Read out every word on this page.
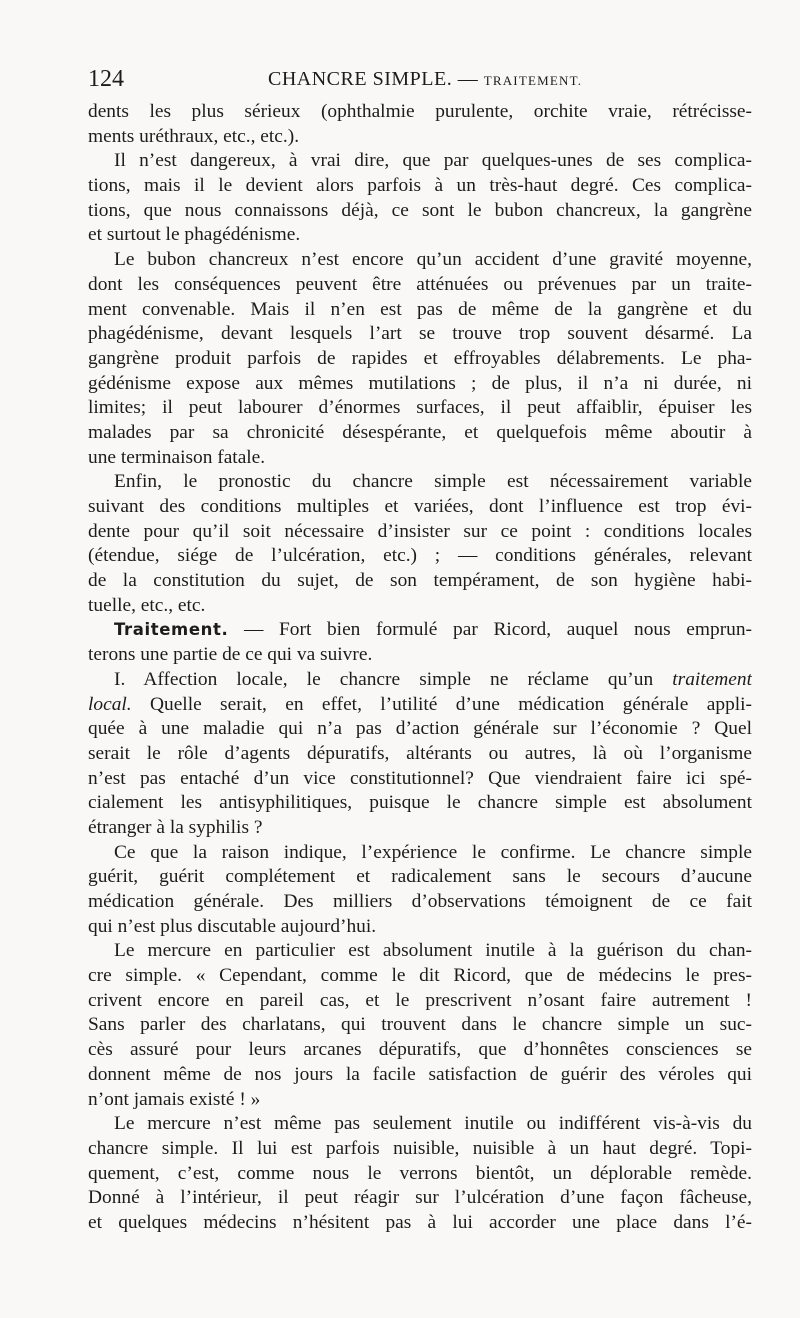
124	CHANCRE SIMPLE. — TRAITEMENT.

dents les plus sérieux (ophthalmie purulente, orchite vraie, rétrécisse-
ments uréthraux, etc., etc.).

Il n’est dangereux, à vrai dire, que par quelques-unes de ses complica-
tions, mais il le devient alors parfois à un très-haut degré. Ces complica-
tions, que nous connaissons déjà, ce sont le bubon chancreux, la gangrène
et surtout le phagédénisme.

Le bubon chancreux n’est encore qu’un accident d’une gravité moyenne,
dont les conséquences peuvent être atténuées ou prévenues par un traite-
ment convenable. Mais il n’en est pas de même de la gangrène et du
phagédénisme, devant lesquels l’art se trouve trop souvent désarmé. La
gangrène produit parfois de rapides et effroyables délabrements. Le pha-
gédénisme expose aux mêmes mutilations ; de plus, il n’a ni durée, ni
limites; il peut labourer d’énormes surfaces, il peut affaiblir, épuiser les
malades par sa chronicité désespérante, et quelquefois même aboutir à
une terminaison fatale.

Enfin, le pronostic du chancre simple est nécessairement variable
suivant des conditions multiples et variées, dont l’influence est trop évi-
dente pour qu’il soit nécessaire d’insister sur ce point : conditions locales
(étendue, siége de l’ulcération, etc.) ; — conditions générales, relevant
de la constitution du sujet, de son tempérament, de son hygiène habi-
tuelle, etc., etc.

Traitement. — Fort bien formulé par Ricord, auquel nous emprun-
terons une partie de ce qui va suivre.

I. Affection locale, le chancre simple ne réclame qu’un traitement
local. Quelle serait, en effet, l’utilité d’une médication générale appli-
quée à une maladie qui n’a pas d’action générale sur l’économie ? Quel
serait le rôle d’agents dépuratifs, altérants ou autres, là où l’organisme
n’est pas entaché d’un vice constitutionnel? Que viendraient faire ici spé-
cialement les antisyphilitiques, puisque le chancre simple est absolument
étranger à la syphilis ?

Ce que la raison indique, l’expérience le confirme. Le chancre simple
guérit, guérit complétement et radicalement sans le secours d’aucune
médication générale. Des milliers d’observations témoignent de ce fait
qui n’est plus discutable aujourd’hui.

Le mercure en particulier est absolument inutile à la guérison du chan-
cre simple. « Cependant, comme le dit Ricord, que de médecins le pres-
crivent encore en pareil cas, et le prescrivent n’osant faire autrement !
Sans parler des charlatans, qui trouvent dans le chancre simple un suc-
cès assuré pour leurs arcanes dépuratifs, que d’honnêtes consciences se
donnent même de nos jours la facile satisfaction de guérir des véroles qui
n’ont jamais existé ! »

Le mercure n’est même pas seulement inutile ou indifférent vis-à-vis du
chancre simple. Il lui est parfois nuisible, nuisible à un haut degré. Topi-
quement, c’est, comme nous le verrons bientôt, un déplorable remède.
Donné à l’intérieur, il peut réagir sur l’ulcération d’une façon fâcheuse,
et quelques médecins n’hésitent pas à lui accorder une place dans l’é-
